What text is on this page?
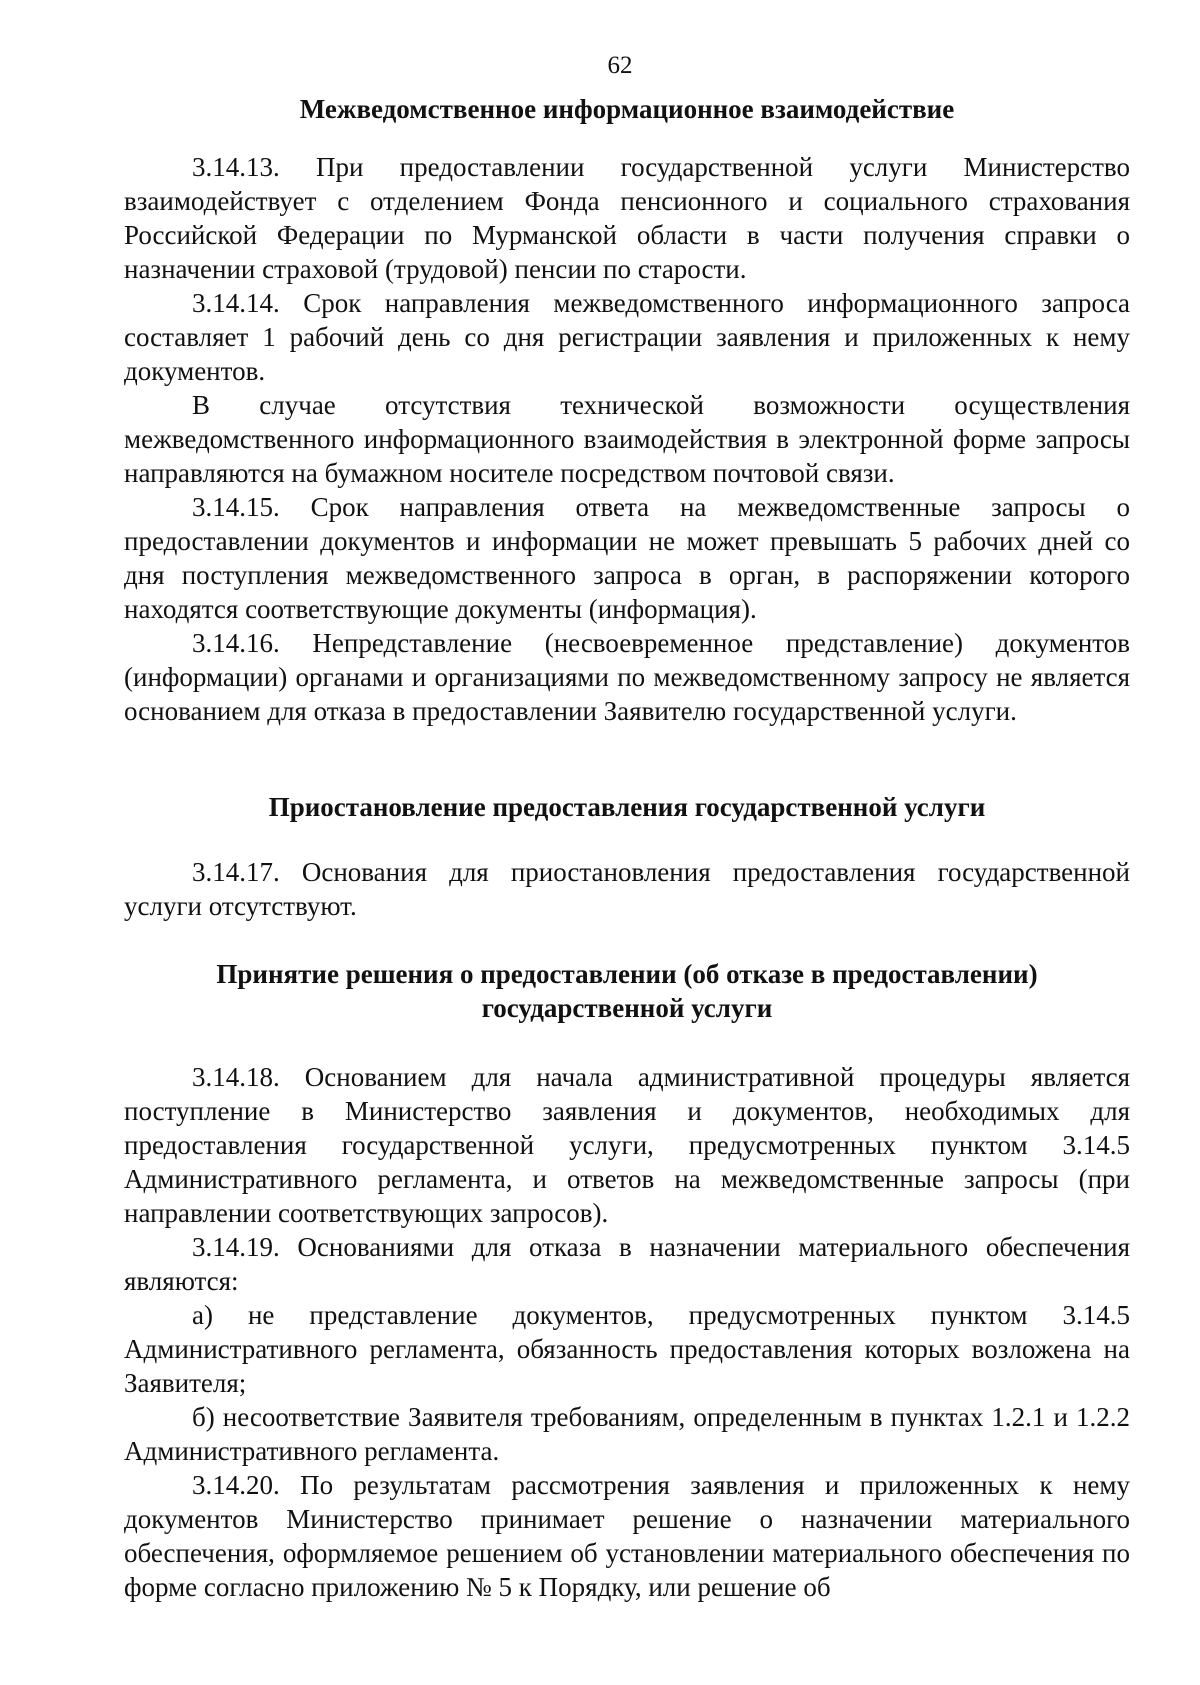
62
Межведомственное информационное взаимодействие

3.14.13. При предоставлении государственной услуги Министерство взаимодействует с отделением Фонда пенсионного и социального страхования Российской Федерации по Мурманской области в части получения справки о назначении страховой (трудовой) пенсии по старости.

3.14.14. Срок направления межведомственного информационного запроса составляет 1 рабочий день со дня регистрации заявления и приложенных к нему документов.

В случае отсутствия технической возможности осуществления межведомственного информационного взаимодействия в электронной форме запросы направляются на бумажном носителе посредством почтовой связи.

3.14.15. Срок направления ответа на межведомственные запросы о предоставлении документов и информации не может превышать 5 рабочих дней со дня поступления межведомственного запроса в орган, в распоряжении которого находятся соответствующие документы (информация).

3.14.16. Непредставление (несвоевременное представление) документов (информации) органами и организациями по межведомственному запросу не является основанием для отказа в предоставлении Заявителю государственной услуги.

Приостановление предоставления государственной услуги

3.14.17. Основания для приостановления предоставления государственной услуги отсутствуют.

Принятие решения о предоставлении (об отказе в предоставлении)
государственной услуги

3.14.18. Основанием для начала административной процедуры является поступление в Министерство заявления и документов, необходимых для предоставления государственной услуги, предусмотренных пунктом 3.14.5 Административного регламента, и ответов на межведомственные запросы (при направлении соответствующих запросов).

3.14.19. Основаниями для отказа в назначении материального обеспечения являются:

а) не представление документов, предусмотренных пунктом 3.14.5 Административного регламента, обязанность предоставления которых возложена на Заявителя;

б) несоответствие Заявителя требованиям, определенным в пунктах 1.2.1 и 1.2.2 Административного регламента.

3.14.20. По результатам рассмотрения заявления и приложенных к нему документов Министерство принимает решение о назначении материального обеспечения, оформляемое решением об установлении материального обеспечения по форме согласно приложению № 5 к Порядку, или решение об
